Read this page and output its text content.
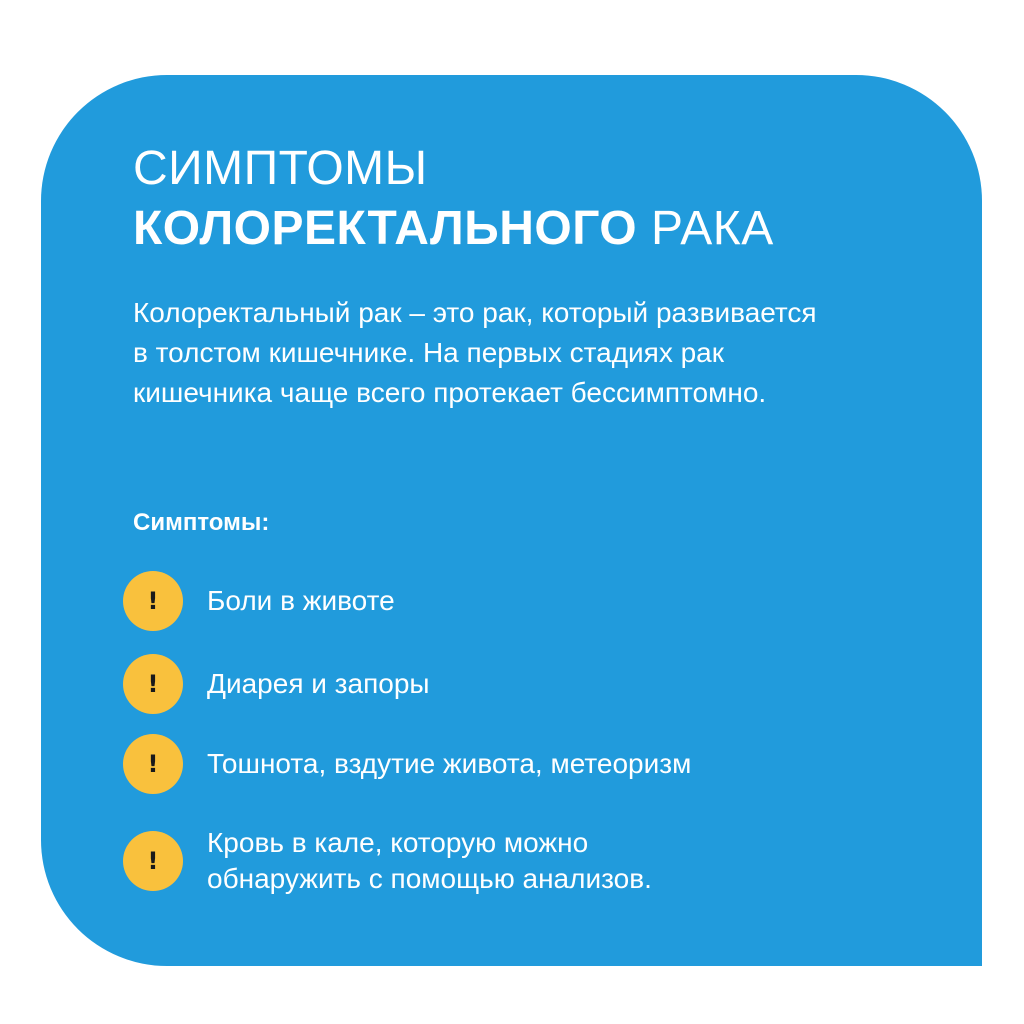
СИМПТОМЫ
КОЛОРЕКТАЛЬНОГО РАКА

Колоректальный рак – это рак, который развивается в толстом кишечнике. На первых стадиях рак кишечника чаще всего протекает бессимптомно.

Симптомы:
!	Боли в животе
!	Диарея и запоры
!	Тошнота, вздутие живота, метеоризм
!
Кровь в кале, которую можно
обнаружить с помощью анализов.
